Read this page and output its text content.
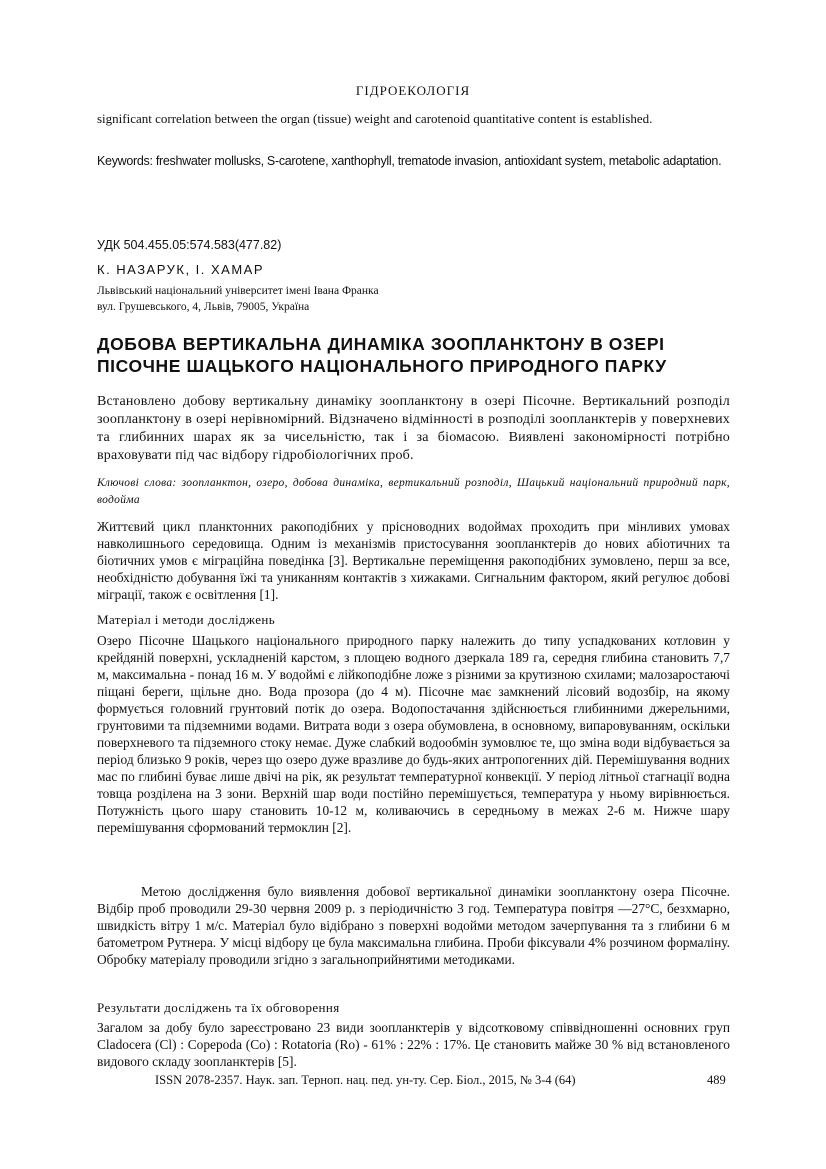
ГІДРОЕКОЛОГІЯ

significant correlation between the organ (tissue) weight and carotenoid quantitative content is established.

Keywords: freshwater mollusks, S-carotene, xanthophyll, trematode invasion, antioxidant system, metabolic adaptation.

УДК 504.455.05:574.583(477.82)
К. НАЗАРУК, І. ХАМАР
Львівський національний університет імені Івана Франка
вул. Грушевського, 4, Львів, 79005, Україна
ДОБОВА ВЕРТИКАЛЬНА ДИНАМІКА ЗООПЛАНКТОНУ В ОЗЕРІ
ПІСОЧНЕ ШАЦЬКОГО НАЦІОНАЛЬНОГО ПРИРОДНОГО ПАРКУ

Встановлено добову вертикальну динаміку зоопланктону в озері Пісочне. Вертикальний розподіл зоопланктону в озері нерівномірний. Відзначено відмінності в розподілі зоопланктерів у поверхневих та глибинних шарах як за чисельністю, так і за біомасою. Виявлені закономірності потрібно враховувати під час відбору гідробіологічних проб.

Ключові слова: зоопланктон, озеро, добова динаміка, вертикальний розподіл, Шацький національний природний парк, водойма

Життєвий цикл планктонних ракоподібних у прісноводних водоймах проходить при мінливих умовах навколишнього середовища. Одним із механізмів пристосування зоопланктерів до нових абіотичних та біотичних умов є міграційна поведінка [3]. Вертикальне переміщення ракоподібних зумовлено, перш за все, необхідністю добування їжі та униканням контактів з хижаками. Сигнальним фактором, який регулює добові міграції, також є освітлення [1].

Матеріал і методи досліджень

Озеро Пісочне Шацького національного природного парку належить до типу успадкованих котловин у крейдяній поверхні, ускладненій карстом, з площею водного дзеркала 189 га, середня глибина становить 7,7 м, максимальна - понад 16 м. У водоймі є лійкоподібне ложе з різними за крутизною схилами; малозаростаючі піщані береги, щільне дно. Вода прозора (до 4 м). Пісочне має замкнений лісовий водозбір, на якому формується головний грунтовий потік до озера. Водопостачання здійснюється глибинними джерельними, грунтовими та підземними водами. Витрата води з озера обумовлена, в основному, випаровуванням, оскільки поверхневого та підземного стоку немає. Дуже слабкий водообмін зумовлює те, що зміна води відбувається за період близько 9 років, через що озеро дуже вразливе до будь-яких антропогенних дій. Перемішування водних мас по глибині буває лише двічі на рік, як результат температурної конвекції. У період літньої стагнації водна товща розділена на 3 зони. Верхній шар води постійно перемішується, температура у ньому вирівнюється. Потужність цього шару становить 10-12 м, коливаючись в середньому в межах 2-6 м. Нижче шару перемішування сформований термоклин [2].

Метою дослідження було виявлення добової вертикальної динаміки зоопланктону озера Пісочне. Відбір проб проводили 29-30 червня 2009 р. з періодичністю 3 год. Температура повітря —27°C, безхмарно, швидкість вітру 1 м/с. Матеріал було відібрано з поверхні водойми методом зачерпування та з глибини 6 м батометром Рутнера. У місці відбору це була максимальна глибина. Проби фіксували 4% розчином формаліну. Обробку матеріалу проводили згідно з загальноприйнятими методиками.

Результати досліджень та їх обговорення

Загалом за добу було зареєстровано 23 види зоопланктерів у відсотковому співвідношенні основних груп Cladocera (Cl) : Copepoda (Co) : Rotatoria (Ro) - 61% : 22% : 17%. Це становить майже 30 % від встановленого видового складу зоопланктерів [5].

ISSN 2078-2357. Наук. зап. Терноп. нац. пед. ун-ту. Сер. Біол., 2015, № 3-4 (64)	489
